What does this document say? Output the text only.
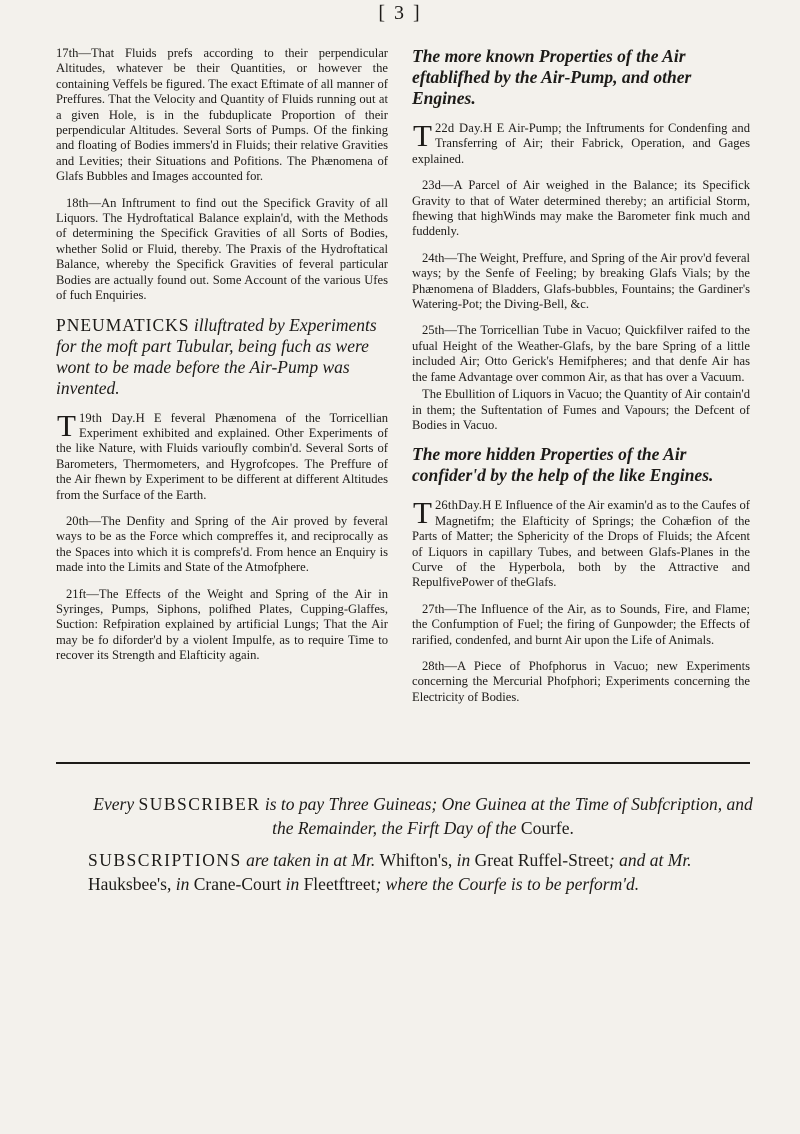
[ 3 ]

17th—That Fluids prefs according to their perpendicular Altitudes, whatever be their Quantities, or however the containing Veffels be figured. The exact Eftimate of all manner of Preffures. That the Velocity and Quantity of Fluids running out at a given Hole, is in the fubduplicate Proportion of their perpendicular Altitudes. Several Sorts of Pumps. Of the finking and floating of Bodies immers'd in Fluids; their relative Gravities and Levities; their Situations and Pofitions. The Phænomena of Glafs Bubbles and Images accounted for.

18th—An Inftrument to find out the Specifick Gravity of all Liquors. The Hydroftatical Balance explain'd, with the Methods of determining the Specifick Gravities of all Sorts of Bodies, whether Solid or Fluid, thereby. The Praxis of the Hydroftatical Balance, whereby the Specifick Gravities of feveral particular Bodies are actually found out. Some Account of the various Ufes of fuch Enquiries.

PNEUMATICKS illuftrated by Experiments for the moft part Tubular, being fuch as were wont to be made before the Air-Pump was invented.

19th Day.
T	H E feveral Phænomena of the Torricellian Experiment exhibited and explained. Other Experiments of the like Nature, with Fluids varioufly combin'd. Several Sorts of Barometers, Thermometers, and Hygrofcopes. The Preffure of the Air fhewn by Experiment to be different at different Altitudes from the Surface of the Earth.

20th—The Denfity and Spring of the Air proved by feveral ways to be as the Force which compreffes it, and reciprocally as the Spaces into which it is comprefs'd. From hence an Enquiry is made into the Limits and State of the Atmofphere.

21ft—The Effects of the Weight and Spring of the Air in Syringes, Pumps, Siphons, polifhed Plates, Cupping-Glaffes, Suction: Refpiration explained by artificial Lungs; That the Air may be fo diforder'd by a violent Impulfe, as to require Time to recover its Strength and Elafticity again.

The more known Properties of the Air eftablifhed by the Air-Pump, and other Engines.

22d Day.
T	H E Air-Pump; the Inftruments for Condenfing and Transferring of Air; their Fabrick, Operation, and Gages explained.

23d—A Parcel of Air weighed in the Balance; its Specifick Gravity to that of Water determined thereby; an artificial Storm, fhewing that highWinds may make the Barometer fink much and fuddenly.

24th—The Weight, Preffure, and Spring of the Air prov'd feveral ways; by the Senfe of Feeling; by breaking Glafs Vials; by the Phænomena of Bladders, Glafs-bubbles, Fountains; the Gardiner's Watering-Pot; the Diving-Bell, &c.

25th—The Torricellian Tube in Vacuo; Quickfilver raifed to the ufual Height of the Weather-Glafs, by the bare Spring of a little included Air; Otto Gerick's Hemifpheres; and that denfe Air has the fame Advantage over common Air, as that has over a Vacuum.

The Ebullition of Liquors in Vacuo; the Quantity of Air contain'd in them; the Suftentation of Fumes and Vapours; the Defcent of Bodies in Vacuo.

The more hidden Properties of the Air confider'd by the help of the like Engines.

26thDay.
T	H E Influence of the Air examin'd as to the Caufes of Magnetifm; the Elafticity of Springs; the Cohæfion of the Parts of Matter; the Sphericity of the Drops of Fluids; the Afcent of Liquors in capillary Tubes, and between Glafs-Planes in the Curve of the Hyperbola, both by the Attractive and RepulfivePower of theGlafs.

27th—The Influence of the Air, as to Sounds, Fire, and Flame; the Confumption of Fuel; the firing of Gunpowder; the Effects of rarified, condenfed, and burnt Air upon the Life of Animals.

28th—A Piece of Phofphorus in Vacuo; new Experiments concerning the Mercurial Phofphori; Experiments concerning the Electricity of Bodies.

Every SUBSCRIBER is to pay Three Guineas; One Guinea at the Time of Subfcription, and the Remainder, the Firft Day of the Courfe.
SUBSCRIPTIONS are taken in at Mr. Whifton's, in Great Ruffel-Street; and at Mr. Hauksbee's, in Crane-Court in Fleetftreet; where the Courfe is to be perform'd.
